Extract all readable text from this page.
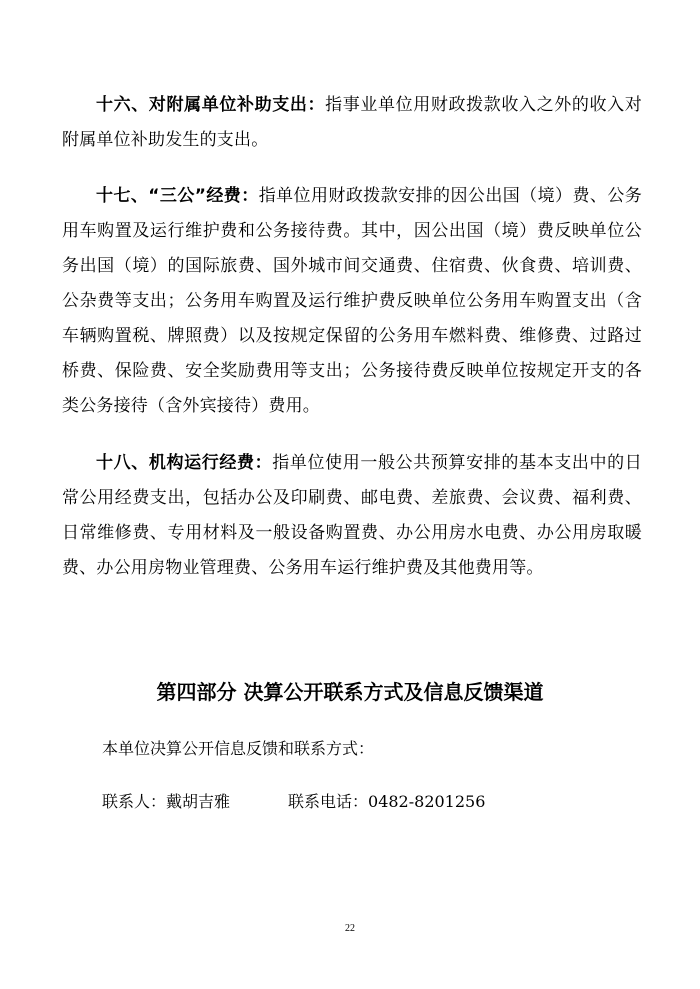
十六、对附属单位补助支出：指事业单位用财政拨款收入之外的收入对附属单位补助发生的支出。

十七、“三公”经费：指单位用财政拨款安排的因公出国（境）费、公务用车购置及运行维护费和公务接待费。其中，因公出国（境）费反映单位公务出国（境）的国际旅费、国外城市间交通费、住宿费、伙食费、培训费、公杂费等支出；公务用车购置及运行维护费反映单位公务用车购置支出（含车辆购置税、牌照费）以及按规定保留的公务用车燃料费、维修费、过路过桥费、保险费、安全奖励费用等支出；公务接待费反映单位按规定开支的各类公务接待（含外宾接待）费用。

十八、机构运行经费：指单位使用一般公共预算安排的基本支出中的日常公用经费支出，包括办公及印刷费、邮电费、差旅费、会议费、福利费、日常维修费、专用材料及一般设备购置费、办公用房水电费、办公用房取暖费、办公用房物业管理费、公务用车运行维护费及其他费用等。

第四部分 决算公开联系方式及信息反馈渠道
本单位决算公开信息反馈和联系方式：
联系人：戴胡吉雅	联系电话：0482-8201256
22
